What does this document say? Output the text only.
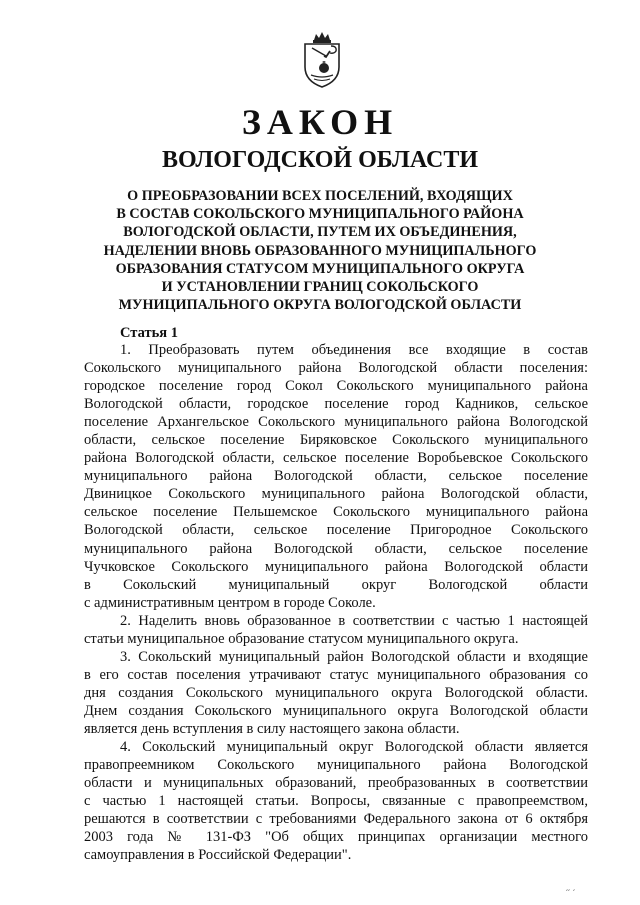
ЗАКОН
ВОЛОГОДСКОЙ ОБЛАСТИ
О ПРЕОБРАЗОВАНИИ ВСЕХ ПОСЕЛЕНИЙ, ВХОДЯЩИХ
В СОСТАВ СОКОЛЬСКОГО МУНИЦИПАЛЬНОГО РАЙОНА
ВОЛОГОДСКОЙ ОБЛАСТИ, ПУТЕМ ИХ ОБЪЕДИНЕНИЯ,
НАДЕЛЕНИИ ВНОВЬ ОБРАЗОВАННОГО МУНИЦИПАЛЬНОГО
ОБРАЗОВАНИЯ СТАТУСОМ МУНИЦИПАЛЬНОГО ОКРУГА
И УСТАНОВЛЕНИИ ГРАНИЦ СОКОЛЬСКОГО
МУНИЦИПАЛЬНОГО ОКРУГА ВОЛОГОДСКОЙ ОБЛАСТИ
Статья 1
1. Преобразовать путем объединения все входящие в состав
Сокольского муниципального района Вологодской области поселения:
городское поселение город Сокол Сокольского муниципального района
Вологодской области, городское поселение город Кадников, сельское
поселение Архангельское Сокольского муниципального района Вологодской
области, сельское поселение Биряковское Сокольского муниципального
района Вологодской области, сельское поселение Воробьевское Сокольского
муниципального района Вологодской области, сельское поселение
Двиницкое Сокольского муниципального района Вологодской области,
сельское поселение Пельшемское Сокольского муниципального района
Вологодской области, сельское поселение Пригородное Сокольского
муниципального района Вологодской области, сельское поселение
Чучковское Сокольского муниципального района Вологодской области
в Сокольский муниципальный округ Вологодской области
с административным центром в городе Соколе.
2. Наделить вновь образованное в соответствии с частью 1 настоящей
статьи муниципальное образование статусом муниципального округа.
3. Сокольский муниципальный район Вологодской области и входящие
в его состав поселения утрачивают статус муниципального образования со
дня создания Сокольского муниципального округа Вологодской области.
Днем создания Сокольского муниципального округа Вологодской области
является день вступления в силу настоящего закона области.
4. Сокольский муниципальный округ Вологодской области является
правопреемником Сокольского муниципального района Вологодской
области и муниципальных образований, преобразованных в соответствии
с частью 1 настоящей статьи. Вопросы, связанные с правопреемством,
решаются в соответствии с требованиями Федерального закона от 6 октября
2003 года № 131-ФЗ "Об общих принципах организации местного
самоуправления в Российской Федерации".
′′ ′
